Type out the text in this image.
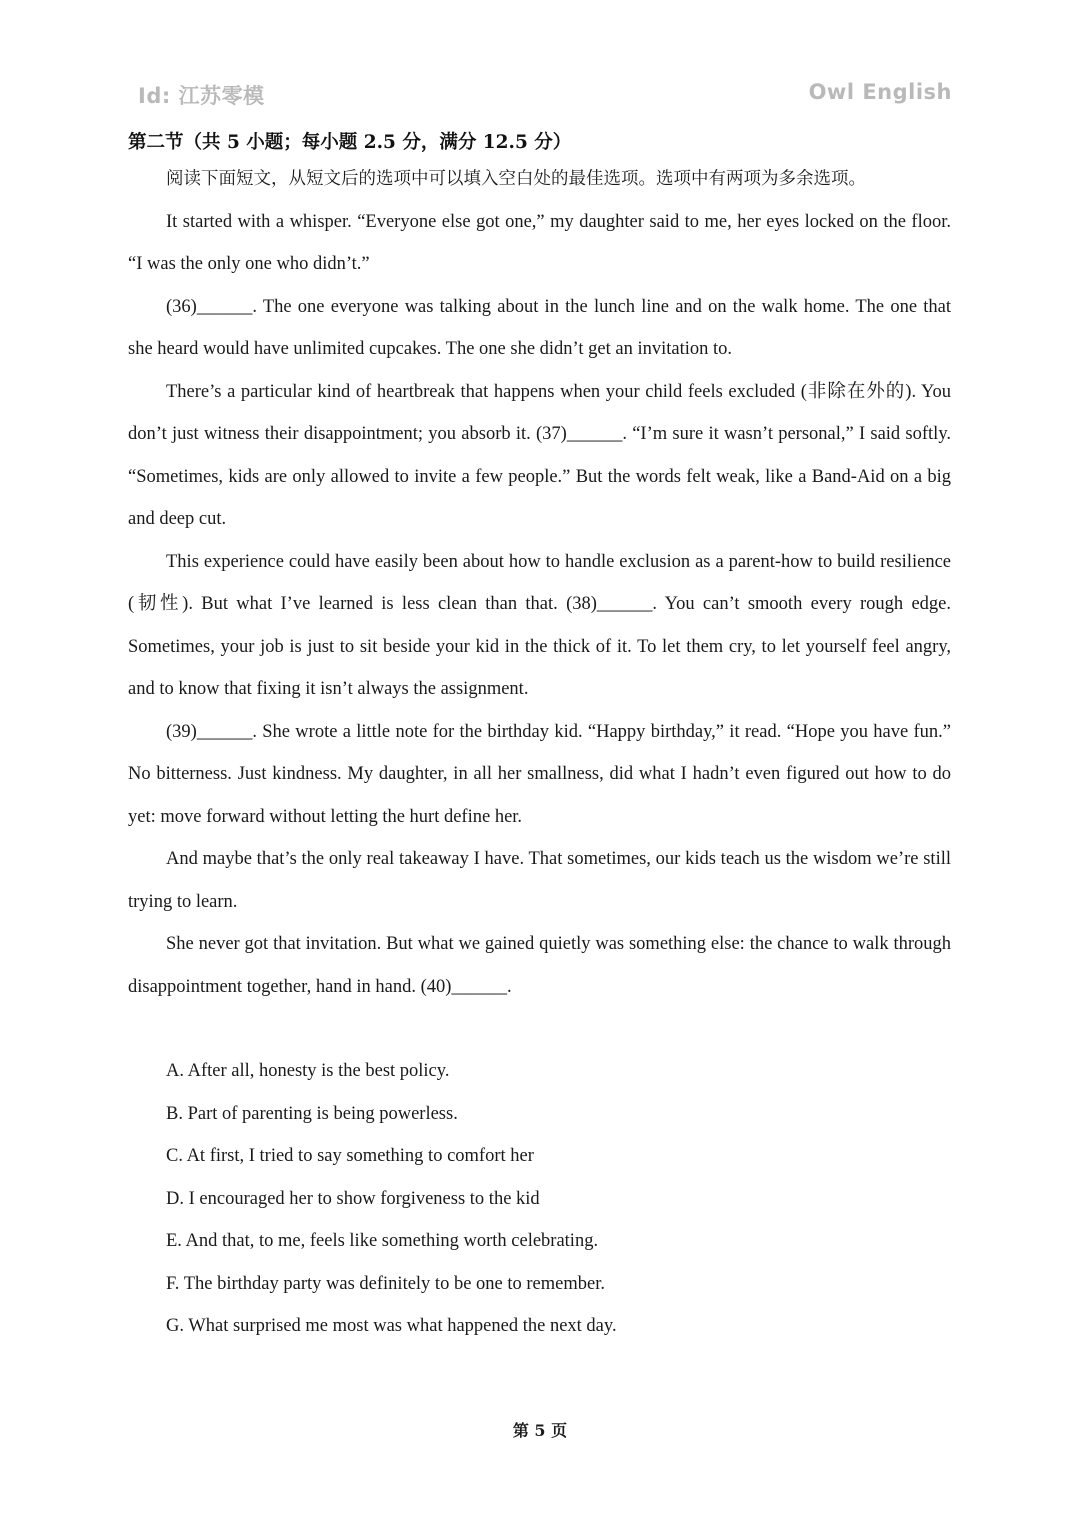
Id: 江苏零模	Owl English
第二节（共 5 小题；每小题 2.5 分，满分 12.5 分）

阅读下面短文，从短文后的选项中可以填入空白处的最佳选项。选项中有两项为多余选项。

It started with a whisper. “Everyone else got one,” my daughter said to me, her eyes locked on the floor. “I was the only one who didn’t.”

(36)______. The one everyone was talking about in the lunch line and on the walk home. The one that she heard would have unlimited cupcakes. The one she didn’t get an invitation to.

There’s a particular kind of heartbreak that happens when your child feels excluded (非除在外的). You don’t just witness their disappointment; you absorb it. (37)______. “I’m sure it wasn’t personal,” I said softly. “Sometimes, kids are only allowed to invite a few people.” But the words felt weak, like a Band-Aid on a big and deep cut.

This experience could have easily been about how to handle exclusion as a parent-how to build resilience (韧性). But what I’ve learned is less clean than that. (38)______. You can’t smooth every rough edge. Sometimes, your job is just to sit beside your kid in the thick of it. To let them cry, to let yourself feel angry, and to know that fixing it isn’t always the assignment.

(39)______. She wrote a little note for the birthday kid. “Happy birthday,” it read. “Hope you have fun.” No bitterness. Just kindness. My daughter, in all her smallness, did what I hadn’t even figured out how to do yet: move forward without letting the hurt define her.

And maybe that’s the only real takeaway I have. That sometimes, our kids teach us the wisdom we’re still trying to learn.

She never got that invitation. But what we gained quietly was something else: the chance to walk through disappointment together, hand in hand. (40)______.

A. After all, honesty is the best policy.
B. Part of parenting is being powerless.
C. At first, I tried to say something to comfort her
D. I encouraged her to show forgiveness to the kid
E. And that, to me, feels like something worth celebrating.
F. The birthday party was definitely to be one to remember.
G. What surprised me most was what happened the next day.
第 5 页
